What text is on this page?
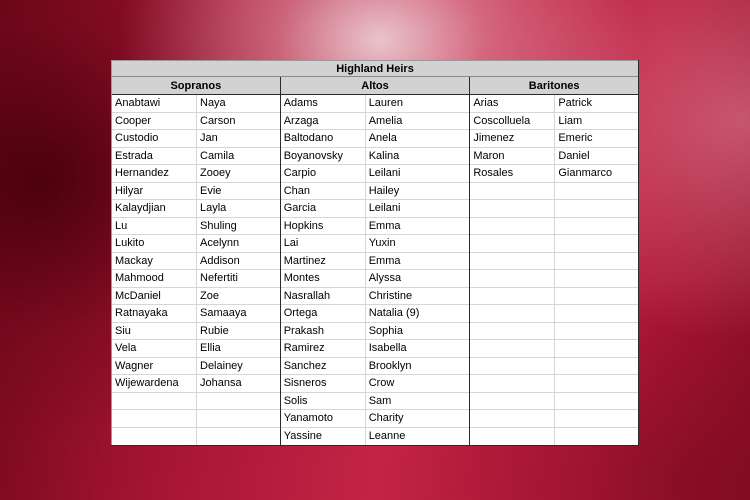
Highland Heirs
Sopranos
Anabtawi	Naya
Cooper	Carson
Custodio	Jan
Estrada	Camila
Hernandez	Zooey
Hilyar	Evie
Kalaydjian	Layla
Lu	Shuling
Lukito	Acelynn
Mackay	Addison
Mahmood	Nefertiti
McDaniel	Zoe
Ratnayaka	Samaaya
Siu	Rubie
Vela	Ellia
Wagner	Delainey
Wijewardena	Johansa
Altos
Adams	Lauren
Arzaga	Amelia
Baltodano	Anela
Boyanovsky	Kalina
Carpio	Leilani
Chan	Hailey
Garcia	Leilani
Hopkins	Emma
Lai	Yuxin
Martinez	Emma
Montes	Alyssa
Nasrallah	Christine
Ortega	Natalia (9)
Prakash	Sophia
Ramirez	Isabella
Sanchez	Brooklyn
Sisneros	Crow
Solis	Sam
Yanamoto	Charity
Yassine	Leanne
Baritones
Arias	Patrick
Coscolluela	Liam
Jimenez	Emeric
Maron	Daniel
Rosales	Gianmarco
